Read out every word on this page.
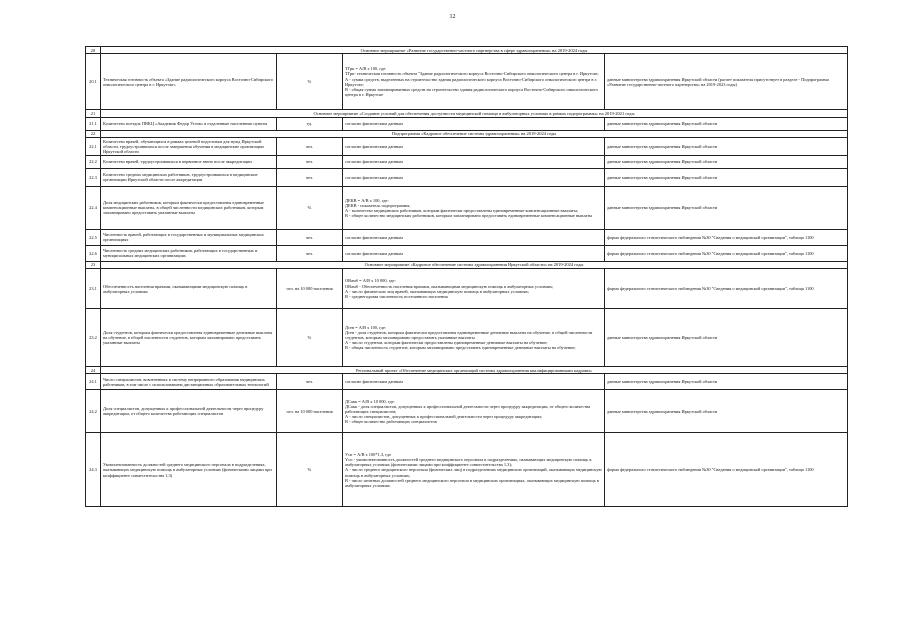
12
20	Основное мероприятие «Развитие государственно-частного партнерства в сфере здравоохранения» на 2019-2024 годы			
20.1	Техническая готовность объекта «Здание радиологического корпуса Восточно-Сибирского онкологического центра в г. Иркутске»	%	ТГрк = А/В х 100, где:
ТГрк- техническая готовность объекта "Здание радиологического корпуса Восточно-Сибирского онкологического центра в г. Иркутске;
А - сумма средств, выделенных на строительство здания радиологического корпуса Восточно-Сибирского онкологического центра в г. Иркутске;
В - общая сумма запланированных средств на строительство здания радиологического корпуса Восточно-Сибирского онкологического центра в г. Иркутске	данные министерства здравоохранения Иркутской области (расчет показателя присутствует в разделе - Подпрограмма «Развитие государственно-частного партнерства» на 2019-2023 годы)
21	Основное мероприятие «Создание условий для обеспечения доступности медицинской помощи в амбулаторных условиях в рамках подпрограммы» на 2019-2021 годы			
21.1	Количество поездок ПВКЦ «Академик Федор Углов» в отдаленные населенные пункты	ед.	согласно фактическим данным	данные министерства здравоохранения Иркутской области
22	Подпрограмма «Кадровое обеспечение системы здравоохранения» на 2019-2024 годы			
22.1	Количество врачей, обучающихся в рамках целевой подготовки для нужд Иркутской области, трудоустроившихся после завершения обучения в медицинские организации Иркутской области	чел.	согласно фактическим данным	данные министерства здравоохранения Иркутской области
22.2	Количество врачей, трудоустроившихся в первичное звено после аккредитации	чел.	согласно фактическим данным	данные министерства здравоохранения Иркутской области
22.3	Количество средних медицинских работников, трудоустроившихся в медицинские организации Иркутской области после аккредитации	чел.	согласно фактическим данным	данные министерства здравоохранения Иркутской области
22.4	Доля медицинских работников, которым фактически предоставлены единовременные компенсационные выплаты, в общей численности медицинских работников, которым запланировано предоставить указанные выплаты	%	ДЕКВ = А/В х 100, где:
ДЕКВ - показатель подпрограммы;
А - количество медицинских работников, которым фактически предоставлены единовременные компенсационные выплаты;
В - общее количество медицинских работников, которым запланировано предоставить единовременные компенсационные выплаты	данные министерства здравоохранения Иркутской области
22.5	Численность врачей, работающих в государственных и муниципальных медицинских организациях	чел.	согласно фактическим данным	форма федерального статистического наблюдения №30 "Сведения о медицинской организации", таблица 1100
22.6	Численность средних медицинских работников, работающих в государственных и муниципальных медицинских организациях	чел.	согласно фактическим данным	форма федерального статистического наблюдения №30 "Сведения о медицинской организации", таблица 1100
23	Основное мероприятие «Кадровое обеспечение системы здравоохранения Иркутской области» на 2019-2024 годы			
23.1	Обеспеченность населения врачами, оказывающими медицинскую помощь в амбулаторных условиях	чел. на 10 000 населения	ОВамб = А/В х 10 000, где:
ОВамб - Обеспеченность населения врачами, оказывающими медицинскую помощь в амбулаторных условиях;
А - число физических лиц врачей, оказывающих медицинскую помощь в амбулаторных условиях;
В - среднегодовая численность постоянного населения	форма федерального статистического наблюдения №30 "Сведения о медицинской организации", таблица 1100
23.2	Доля студентов, которым фактически предоставлены единовременные денежные выплаты на обучение, в общей численности студентов, которым запланировано предоставить указанные выплаты	%	Дсев = А/В х 100, где:
Дсев - доля студентов, которым фактически предоставлены единовременные денежные выплаты на обучение, в общей численности студентов, которым запланировано предоставить указанные выплаты
А - число студентов, которым фактически предоставлены единовременные денежные выплаты на обучение;
В - общая численность студентов, которым запланировано предоставить единовременные денежные выплаты на обучение;	данные министерства здравоохранения Иркутской области
24	Региональный проект «Обеспечение медицинских организаций системы здравоохранения квалифицированными кадрами»			
24.1	Число специалистов, вовлеченных в систему непрерывного образования медицинских работников, в том числе с использованием дистанционных образовательных технологий	чел.	согласно фактическим данным	данные министерства здравоохранения Иркутской области
24.2	Доля специалистов, допущенных к профессиональной деятельности через процедуру аккредитации, от общего количества работающих специалистов	чел. на 10 000 населения	ДСакк = А/В х 10 000, где:
ДСакк - доля специалистов, допущенных к профессиональной деятельности через процедуру аккредитации, от общего количества работающих специалистов;
А - число специалистов, допущенных к профессиональной деятельности через процедуру аккредитации;
В - общее количество работающих специалистов	данные министерства здравоохранения Иркутской области
24.3	Укомплектованность должностей среднего медицинского персонала в подразделениях, оказывающих медицинскую помощь в амбулаторных условиях (физическими лицами при коэффициенте совместительства 1,3)	%	Уcп = А/В х 100*1,3, где
Ycп - укомплектованность должностей среднего медицинского персонала в подразделениях, оказывающих медицинскую помощь в амбулаторных условиях (физическими лицами при коэффициенте совместительства 1,3);
А - число среднего медицинского персонала (физических лиц) в подразделениях медицинских организаций, оказывающих медицинскую помощь в амбулаторных условиях;
В - число штатных должностей среднего медицинского персонала в медицинских организациях, оказывающих медицинскую помощь в амбулаторных условиях.	форма федерального статистического наблюдения №30 "Сведения о медицинской организации", таблица 1100
